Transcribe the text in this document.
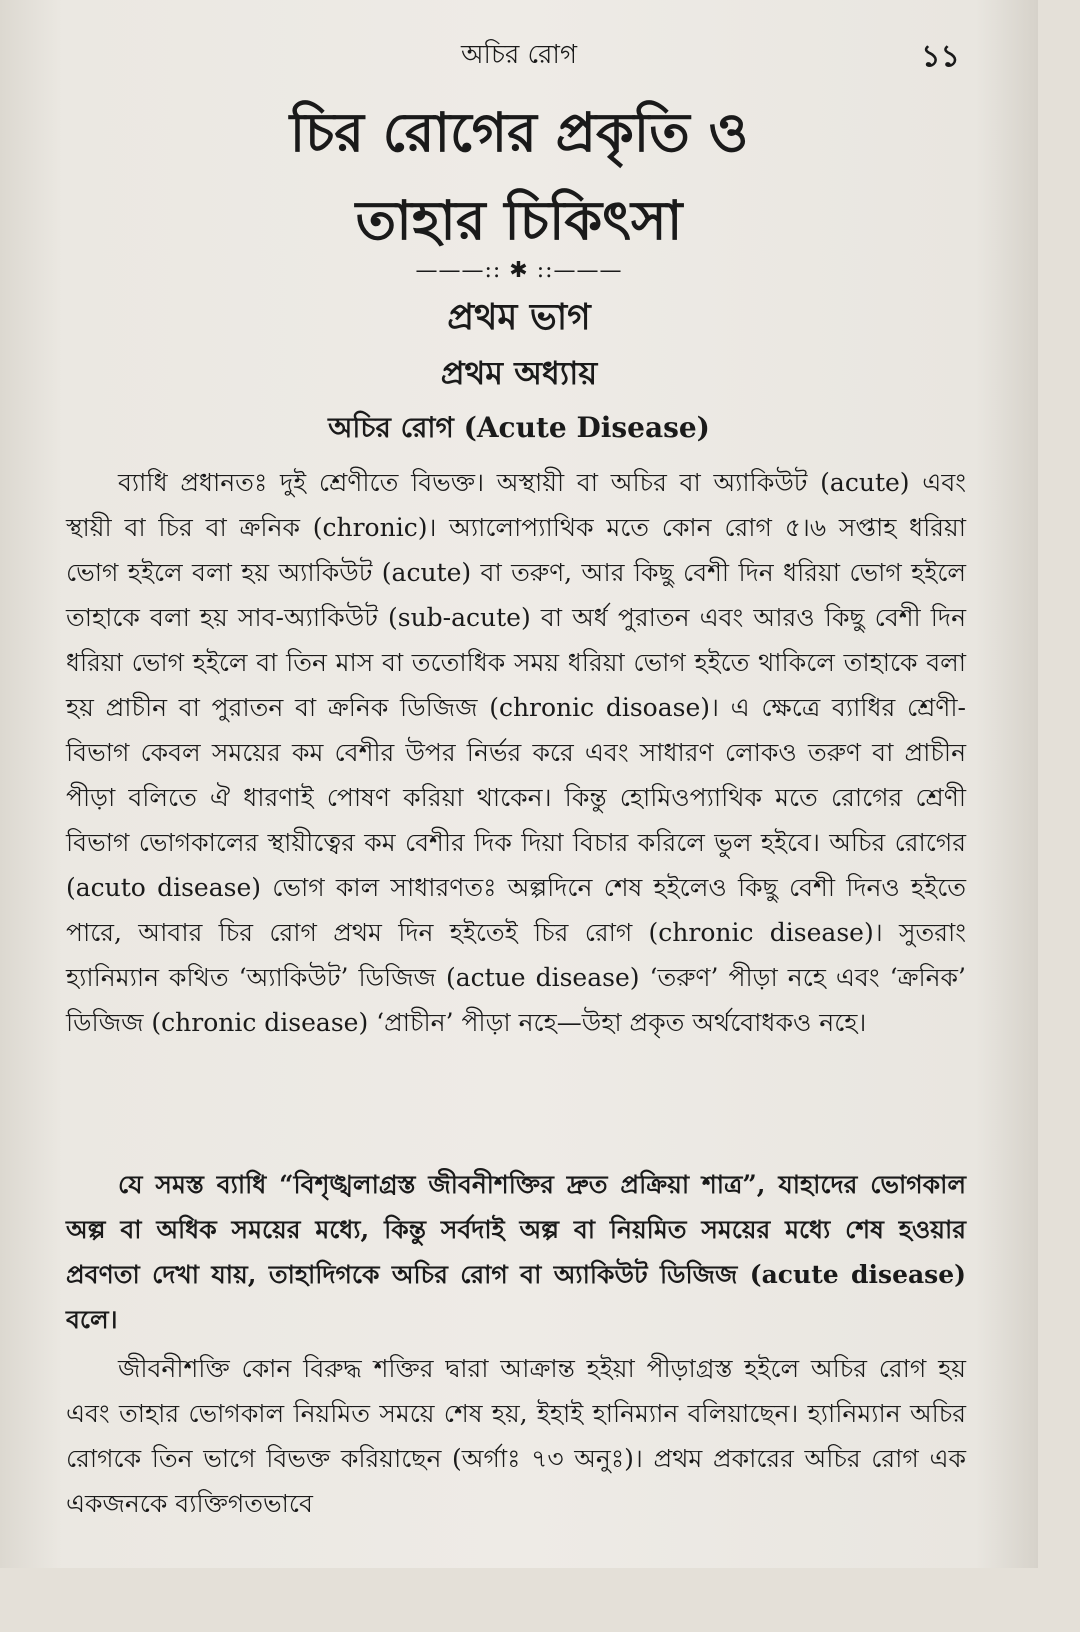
অচির রোগ	১১
চির রোগের প্রকৃতি ও
তাহার চিকিৎসা
———:: ✱ ::———
প্রথম ভাগ
প্রথম অধ্যায়
অচির রোগ (Acute Disease)

ব্যাধি প্রধানতঃ দুই শ্রেণীতে বিভক্ত। অস্থায়ী বা অচির বা অ্যাকিউট (acute) এবং স্থায়ী বা চির বা ক্রনিক (chronic)। অ্যালোপ্যাথিক মতে কোন রোগ ৫।৬ সপ্তাহ ধরিয়া ভোগ হইলে বলা হয় অ্যাকিউট (acute) বা তরুণ, আর কিছু বেশী দিন ধরিয়া ভোগ হইলে তাহাকে বলা হয় সাব-অ্যাকিউট (sub-acute) বা অর্ধ পুরাতন এবং আরও কিছু বেশী দিন ধরিয়া ভোগ হইলে বা তিন মাস বা ততোধিক সময় ধরিয়া ভোগ হইতে থাকিলে তাহাকে বলা হয় প্রাচীন বা পুরাতন বা ক্রনিক ডিজিজ (chronic disoase)। এ ক্ষেত্রে ব্যাধির শ্রেণী-বিভাগ কেবল সময়ের কম বেশীর উপর নির্ভর করে এবং সাধারণ লোকও তরুণ বা প্রাচীন পীড়া বলিতে ঐ ধারণাই পোষণ করিয়া থাকেন। কিন্তু হোমিওপ্যাথিক মতে রোগের শ্রেণী বিভাগ ভোগকালের স্থায়ীত্বের কম বেশীর দিক দিয়া বিচার করিলে ভুল হইবে। অচির রোগের (acuto disease) ভোগ কাল সাধারণতঃ অল্পদিনে শেষ হইলেও কিছু বেশী দিনও হইতে পারে, আবার চির রোগ প্রথম দিন হইতেই চির রোগ (chronic disease)। সুতরাং হ্যানিম্যান কথিত ‘অ্যাকিউট’ ডিজিজ (actue disease) ‘তরুণ’ পীড়া নহে এবং ‘ক্রনিক’ ডিজিজ (chronic disease) ‘প্রাচীন’ পীড়া নহে—উহা প্রকৃত অর্থবোধকও নহে।

যে সমস্ত ব্যাধি “বিশৃঙ্খলাগ্রস্ত জীবনীশক্তির দ্রুত প্রক্রিয়া শাত্র”, যাহাদের ভোগকাল অল্প বা অধিক সময়ের মধ্যে, কিন্তু সর্বদাই অল্প বা নিয়মিত সময়ের মধ্যে শেষ হওয়ার প্রবণতা দেখা যায়, তাহাদিগকে অচির রোগ বা অ্যাকিউট ডিজিজ (acute disease) বলে।

জীবনীশক্তি কোন বিরুদ্ধ শক্তির দ্বারা আক্রান্ত হইয়া পীড়াগ্রস্ত হইলে অচির রোগ হয় এবং তাহার ভোগকাল নিয়মিত সময়ে শেষ হয়, ইহাই হানিম্যান বলিয়াছেন। হ্যানিম্যান অচির রোগকে তিন ভাগে বিভক্ত করিয়াছেন (অর্গাঃ ৭৩ অনুঃ)। প্রথম প্রকারের অচির রোগ এক একজনকে ব্যক্তিগতভাবে
